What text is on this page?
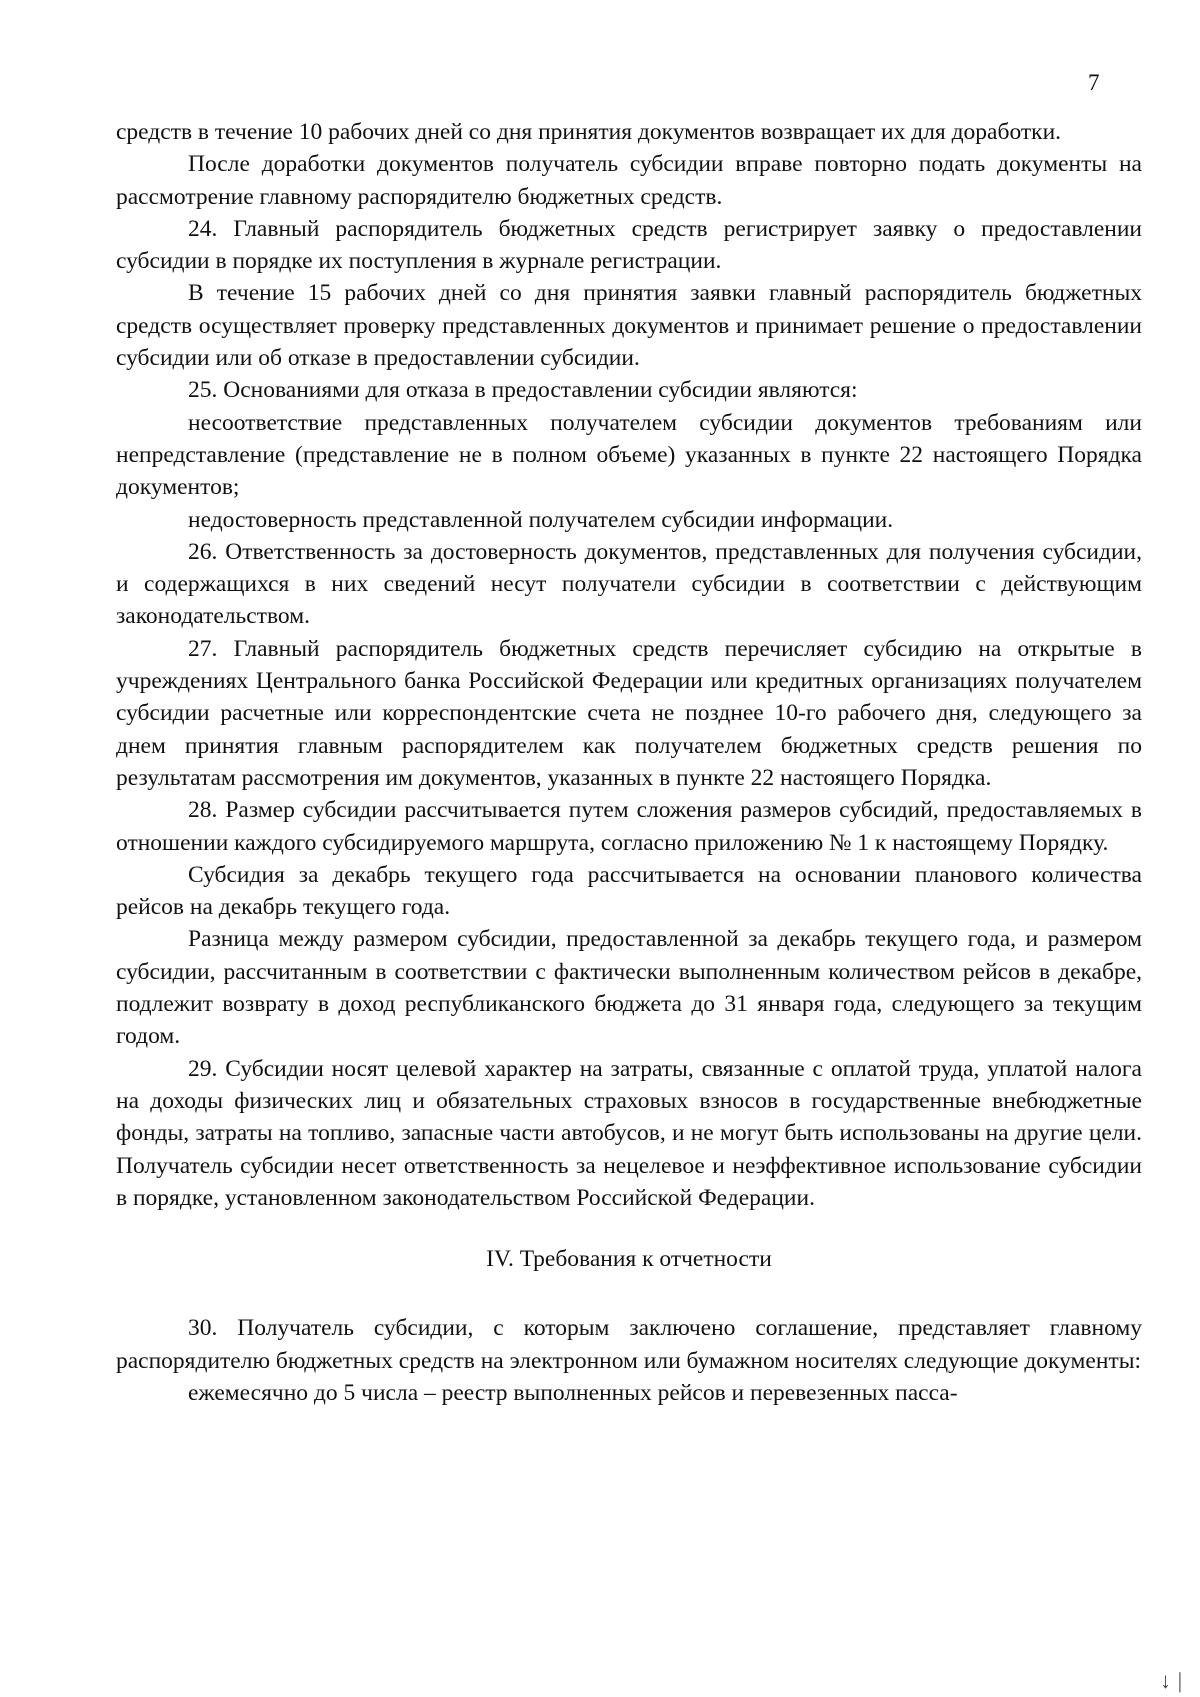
7

средств в течение 10 рабочих дней со дня принятия документов возвращает их для доработки.

После доработки документов получатель субсидии вправе повторно подать документы на рассмотрение главному распорядителю бюджетных средств.

24. Главный распорядитель бюджетных средств регистрирует заявку о предоставлении субсидии в порядке их поступления в журнале регистрации.

В течение 15 рабочих дней со дня принятия заявки главный распорядитель бюджетных средств осуществляет проверку представленных документов и принимает решение о предоставлении субсидии или об отказе в предоставлении субсидии.

25. Основаниями для отказа в предоставлении субсидии являются:

несоответствие представленных получателем субсидии документов требованиям или непредставление (представление не в полном объеме) указанных в пункте 22 настоящего Порядка документов;

недостоверность представленной получателем субсидии информации.

26. Ответственность за достоверность документов, представленных для получения субсидии, и содержащихся в них сведений несут получатели субсидии в соответствии с действующим законодательством.

27. Главный распорядитель бюджетных средств перечисляет субсидию на открытые в учреждениях Центрального банка Российской Федерации или кредитных организациях получателем субсидии расчетные или корреспондентские счета не позднее 10-го рабочего дня, следующего за днем принятия главным распорядителем как получателем бюджетных средств решения по результатам рассмотрения им документов, указанных в пункте 22 настоящего Порядка.

28. Размер субсидии рассчитывается путем сложения размеров субсидий, предоставляемых в отношении каждого субсидируемого маршрута, согласно приложению № 1 к настоящему Порядку.

Субсидия за декабрь текущего года рассчитывается на основании планового количества рейсов на декабрь текущего года.

Разница между размером субсидии, предоставленной за декабрь текущего года, и размером субсидии, рассчитанным в соответствии с фактически выполненным количеством рейсов в декабре, подлежит возврату в доход республиканского бюджета до 31 января года, следующего за текущим годом.

29. Субсидии носят целевой характер на затраты, связанные с оплатой труда, уплатой налога на доходы физических лиц и обязательных страховых взносов в государственные внебюджетные фонды, затраты на топливо, запасные части автобусов, и не могут быть использованы на другие цели. Получатель субсидии несет ответственность за нецелевое и неэффективное использование субсидии в порядке, установленном законодательством Российской Федерации.

IV. Требования к отчетности

30. Получатель субсидии, с которым заключено соглашение, представляет главному распорядителю бюджетных средств на электронном или бумажном носителях следующие документы:

ежемесячно до 5 числа – реестр выполненных рейсов и перевезенных пасса-

↓ |
